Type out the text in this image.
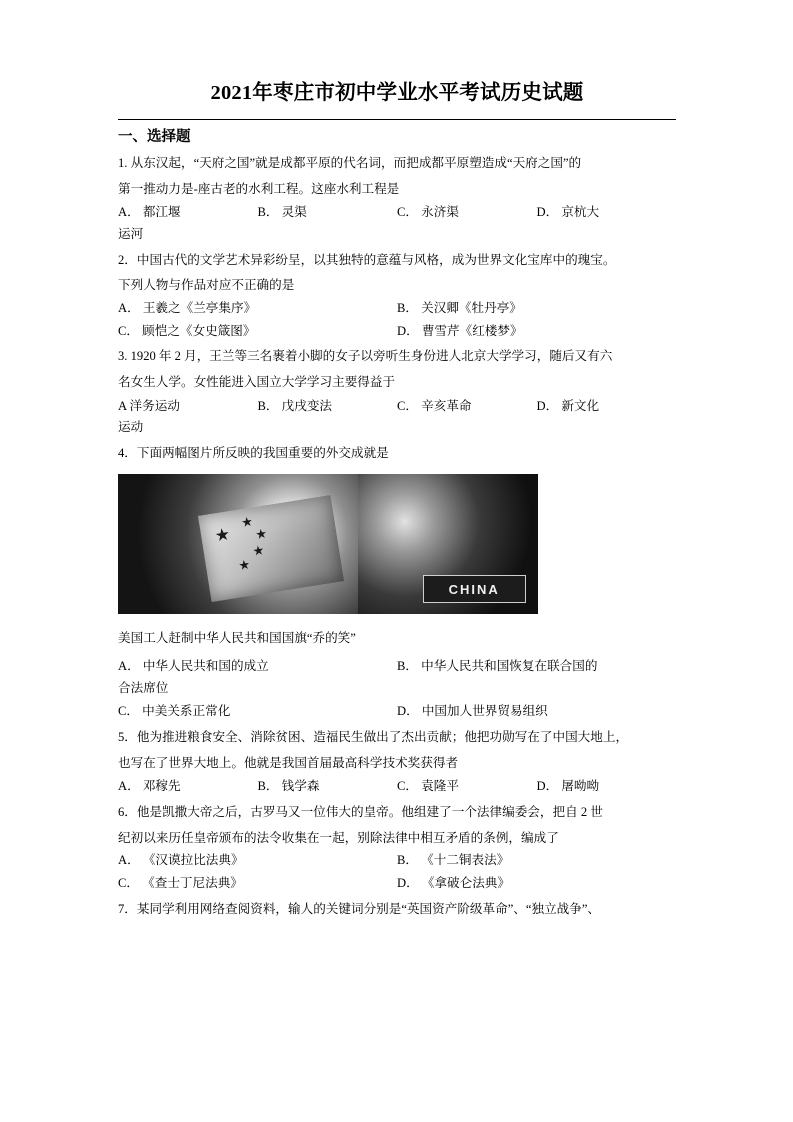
2021年枣庄市初中学业水平考试历史试题
一、选择题
1. 从东汉起，“天府之国”就是成都平原的代名词，而把成都平原塑造成“天府之国”的
第一推动力是-座古老的水利工程。这座水利工程是
A． 都江堰	B． 灵渠	C． 永济渠	D． 京杭大
运河
2．中国古代的文学艺术异彩纷呈，以其独特的意蕴与风格，成为世界文化宝库中的瑰宝。
下列人物与作品对应不正确的是
A． 王羲之《兰亭集序》	B． 关汉卿《牡丹亭》
C． 顾恺之《女史箴图》	D． 曹雪芹《红楼梦》
3. 1920 年 2 月，王兰等三名裹着小脚的女子以旁听生身份进人北京大学学习，随后又有六
名女生人学。女性能进入国立大学学习主要得益于
A 洋务运动	B． 戊戌变法	C． 辛亥革命	D． 新文化
运动
4．下面两幅图片所反映的我国重要的外交成就是
★
★
★
★
★
CHINA
美国工人赶制中华人民共和国国旗“乔的笑”
A． 中华人民共和国的成立	B． 中华人民共和国恢复在联合国的
合法席位
C． 中美关系正常化	D． 中国加人世界贸易组织
5．他为推进粮食安全、消除贫困、造福民生做出了杰出贡献；他把功勋写在了中国大地上，
也写在了世界大地上。他就是我国首届最高科学技术奖获得者
A． 邓稼先	B． 钱学森	C． 袁隆平	D． 屠呦呦
6．他是凯撒大帝之后，古罗马又一位伟大的皇帝。他组建了一个法律编委会，把自 2 世
纪初以来历任皇帝颁布的法令收集在一起，别除法律中相互矛盾的条例，编成了
A． 《汉谟拉比法典》	B． 《十二铜表法》
C． 《查士丁尼法典》	D． 《拿破仑法典》
7．某同学利用网络查阅资料，输人的关键词分别是“英国资产阶级革命”、“独立战争”、
